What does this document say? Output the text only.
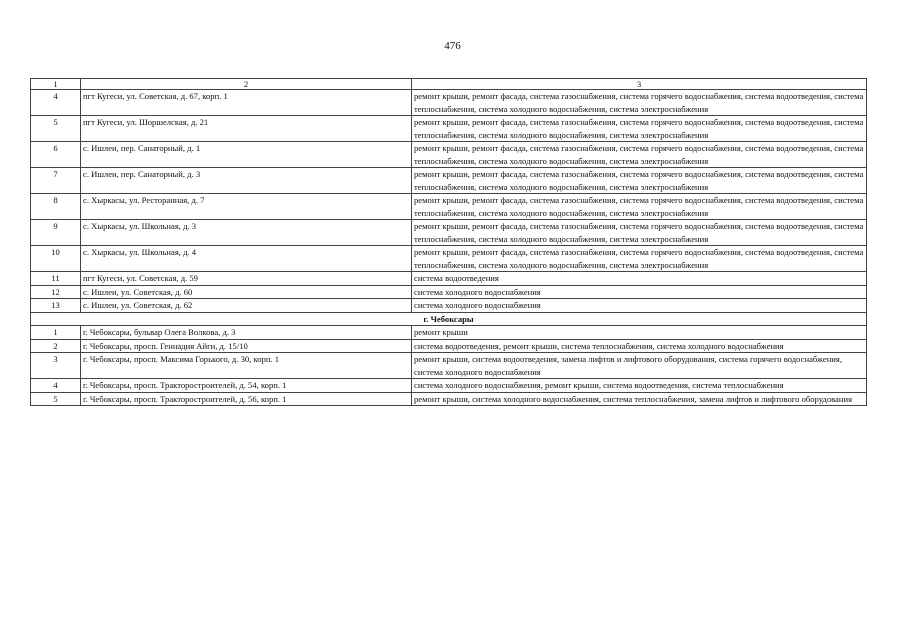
476
1	2	3
4	пгт Кугеси, ул. Советская, д. 67, корп. 1	ремонт крыши, ремонт фасада, система газоснабжения, система горячего водоснабжения, система водоотведения, система теплоснабжения, система холодного водоснабжения, система электроснабжения
5	пгт Кугеси, ул. Шоршелская, д. 21	ремонт крыши, ремонт фасада, система газоснабжения, система горячего водоснабжения, система водоотведения, система теплоснабжения, система холодного водоснабжения, система электроснабжения
6	с. Ишлеи, пер. Санаторный, д. 1	ремонт крыши, ремонт фасада, система газоснабжения, система горячего водоснабжения, система водоотведения, система теплоснабжения, система холодного водоснабжения, система электроснабжения
7	с. Ишлеи, пер. Санаторный, д. 3	ремонт крыши, ремонт фасада, система газоснабжения, система горячего водоснабжения, система водоотведения, система теплоснабжения, система холодного водоснабжения, система электроснабжения
8	с. Хыркасы, ул. Ресторанная, д. 7	ремонт крыши, ремонт фасада, система газоснабжения, система горячего водоснабжения, система водоотведения, система теплоснабжения, система холодного водоснабжения, система электроснабжения
9	с. Хыркасы, ул. Школьная, д. 3	ремонт крыши, ремонт фасада, система газоснабжения, система горячего водоснабжения, система водоотведения, система теплоснабжения, система холодного водоснабжения, система электроснабжения
10	с. Хыркасы, ул. Школьная, д. 4	ремонт крыши, ремонт фасада, система газоснабжения, система горячего водоснабжения, система водоотведения, система теплоснабжения, система холодного водоснабжения, система электроснабжения
11	пгт Кугеси, ул. Советская, д. 59	система водоотведения
12	с. Ишлеи, ул. Советская, д. 60	система холодного водоснабжения
13	с. Ишлеи, ул. Советская, д. 62	система холодного водоснабжения
г. Чебоксары		
1	г. Чебоксары, бульвар Олега Волкова, д. 3	ремонт крыши
2	г. Чебоксары, просп. Геннадия Айги, д. 15/10	система водоотведения, ремонт крыши, система теплоснабжения, система холодного водоснабжения
3	г. Чебоксары, просп. Максима Горького, д. 30, корп. 1	ремонт крыши, система водоотведения, замена лифтов и лифтового оборудования, система горячего водоснабжения, система холодного водоснабжения
4	г. Чебоксары, просп. Тракторостроителей, д. 54, корп. 1	система холодного водоснабжения, ремонт крыши, система водоотведения, система теплоснабжения
5	г. Чебоксары, просп. Тракторостроителей, д. 56, корп. 1	ремонт крыши, система холодного водоснабжения, система теплоснабжения, замена лифтов и лифтового оборудования
